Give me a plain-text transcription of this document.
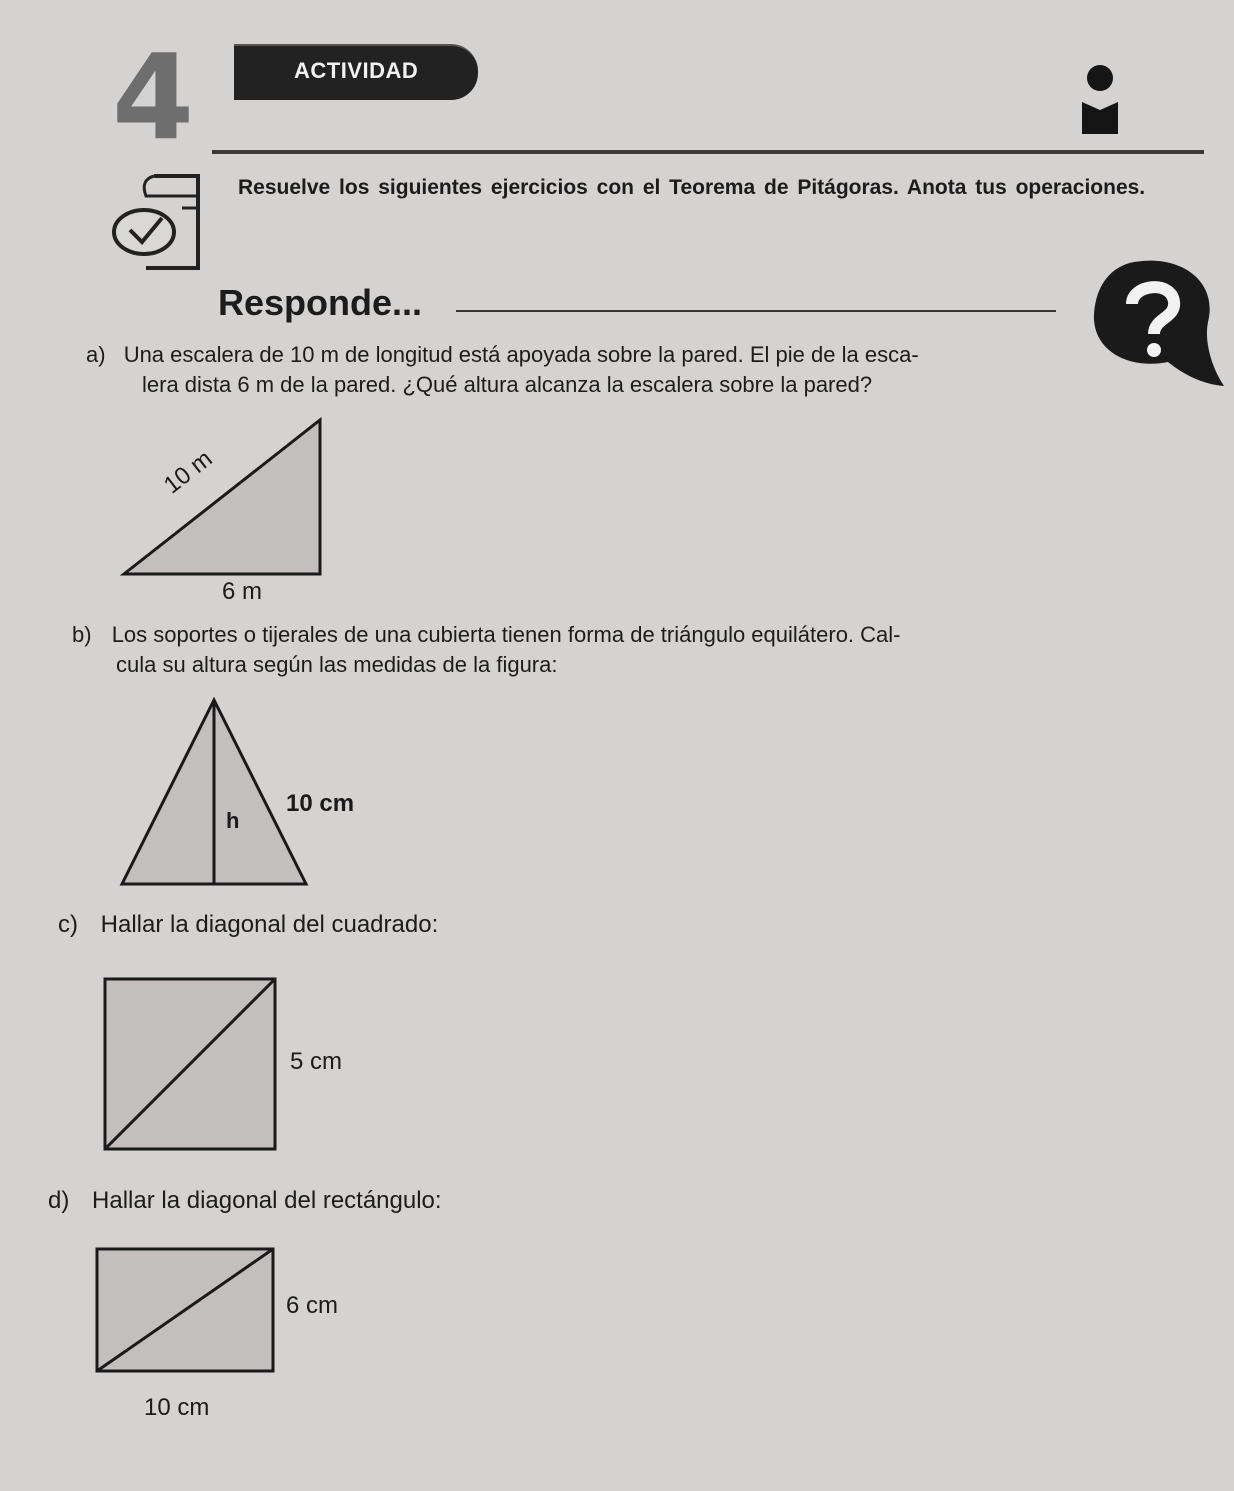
4	ACTIVIDAD
Resuelve los siguientes ejercicios con el Teorema de Pitágoras. Anota tus operaciones.
Responde...
a) Una escalera de 10 m de longitud está apoyada sobre la pared. El pie de la esca-
lera dista 6 m de la pared. ¿Qué altura alcanza la escalera sobre la pared?
10 m
6 m
b) Los soportes o tijerales de una cubierta tienen forma de triángulo equilátero. Cal-
cula su altura según las medidas de la figura:
h
10 cm
c) Hallar la diagonal del cuadrado:
5 cm
d) Hallar la diagonal del rectángulo:
6 cm
10 cm
